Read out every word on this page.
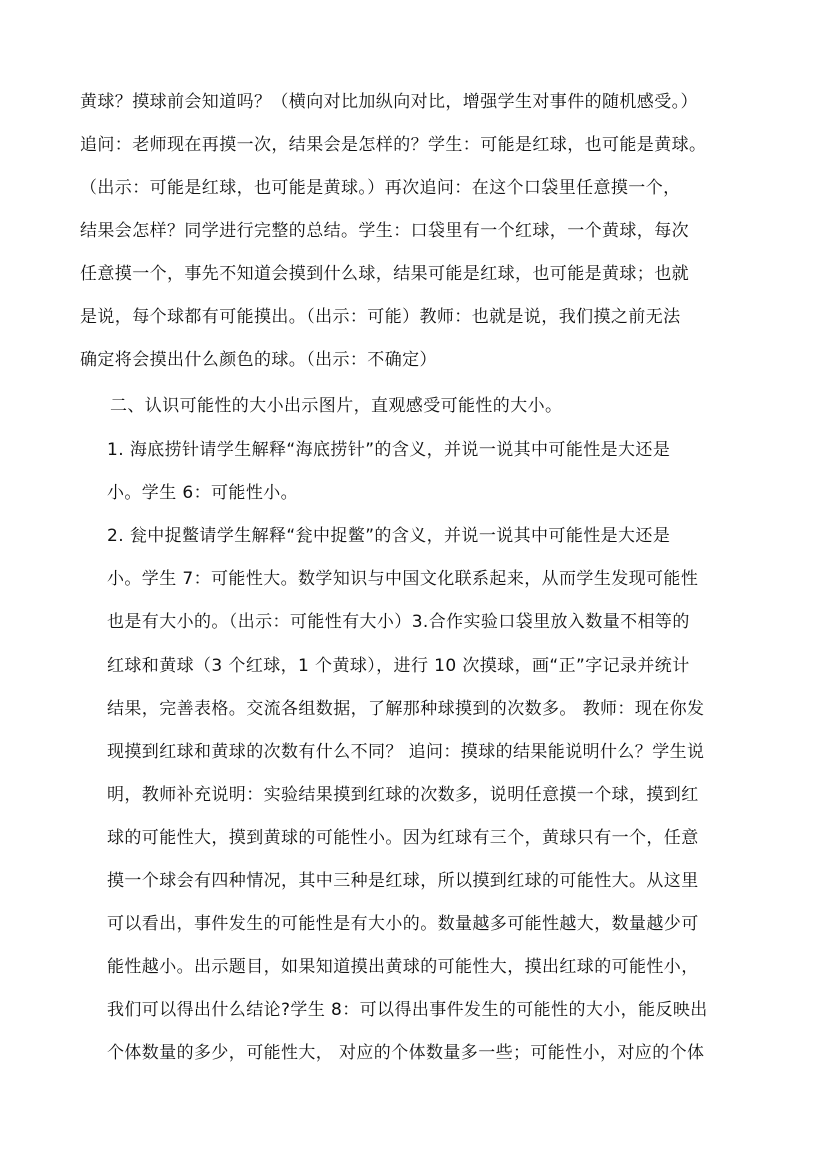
黄球？摸球前会知道吗？（横向对比加纵向对比，增强学生对事件的随机感受。）
追问：老师现在再摸一次，结果会是怎样的？学生：可能是红球，也可能是黄球。
（出示：可能是红球，也可能是黄球。）再次追问：在这个口袋里任意摸一个，
结果会怎样？同学进行完整的总结。学生：口袋里有一个红球，一个黄球，每次
任意摸一个，事先不知道会摸到什么球，结果可能是红球，也可能是黄球；也就
是说，每个球都有可能摸出。（出示：可能）教师：也就是说，我们摸之前无法
确定将会摸出什么颜色的球。（出示：不确定）
二、认识可能性的大小出示图片，直观感受可能性的大小。
1. 海底捞针请学生解释“海底捞针”的含义，并说一说其中可能性是大还是
小。学生 6：可能性小。
2. 瓮中捉鳖请学生解释“瓮中捉鳖”的含义，并说一说其中可能性是大还是
小。学生 7：可能性大。数学知识与中国文化联系起来，从而学生发现可能性
也是有大小的。（出示：可能性有大小）3.合作实验口袋里放入数量不相等的
红球和黄球（3 个红球，1 个黄球），进行 10 次摸球，画“正”字记录并统计
结果，完善表格。交流各组数据，了解那种球摸到的次数多。 教师：现在你发
现摸到红球和黄球的次数有什么不同？ 追问：摸球的结果能说明什么？学生说
明，教师补充说明：实验结果摸到红球的次数多，说明任意摸一个球，摸到红
球的可能性大，摸到黄球的可能性小。因为红球有三个，黄球只有一个，任意
摸一个球会有四种情况，其中三种是红球，所以摸到红球的可能性大。从这里
可以看出，事件发生的可能性是有大小的。数量越多可能性越大，数量越少可
能性越小。出示题目，如果知道摸出黄球的可能性大，摸出红球的可能性小，
我们可以得出什么结论?学生 8：可以得出事件发生的可能性的大小，能反映出
个体数量的多少，可能性大， 对应的个体数量多一些；可能性小，对应的个体
